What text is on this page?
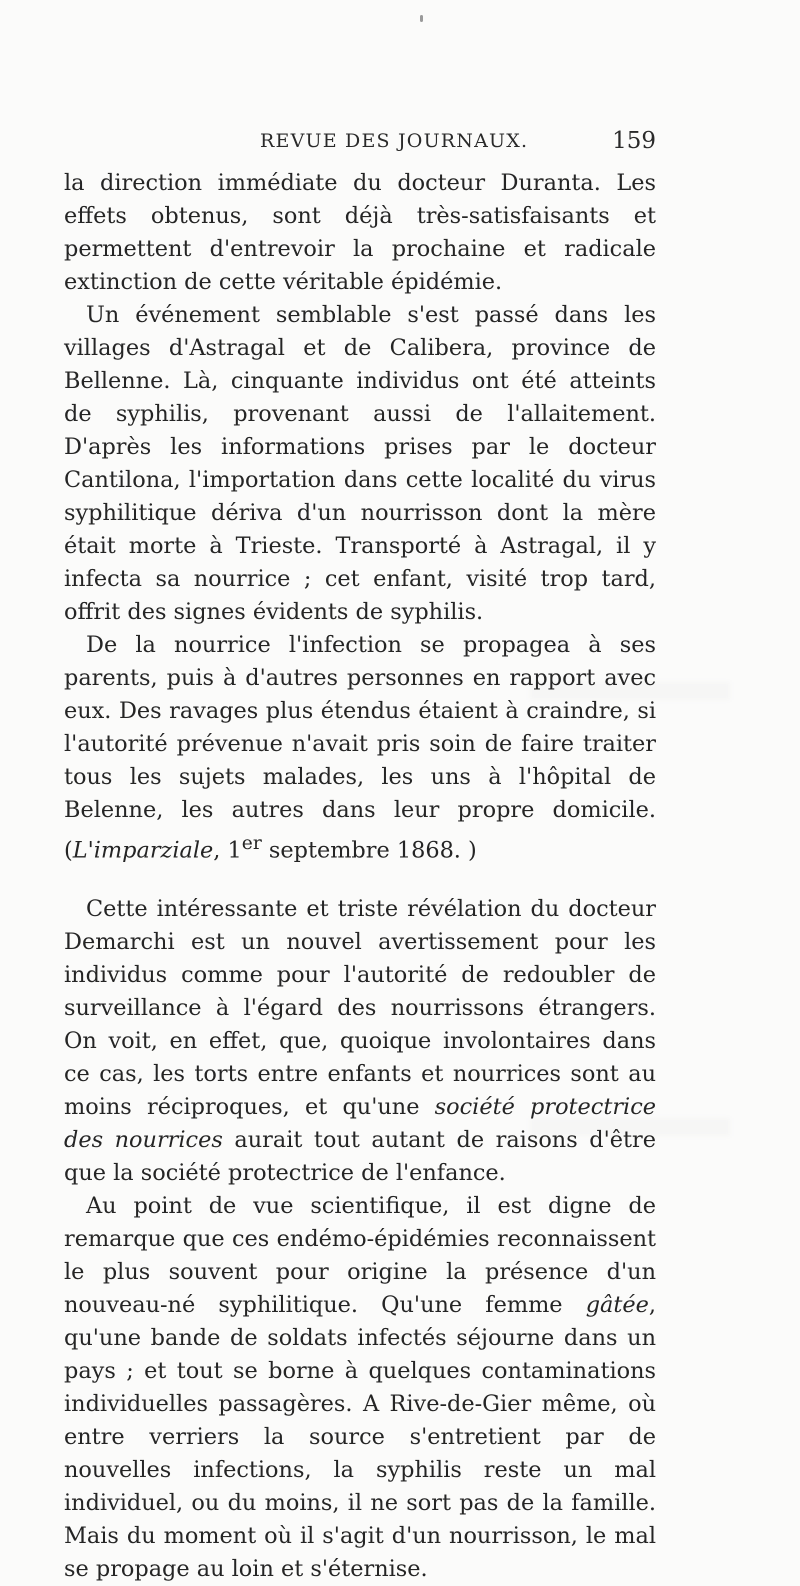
REVUE DES JOURNAUX.	159

la direction immédiate du docteur Duranta. Les effets obtenus, sont déjà très-satisfaisants et permettent d'entrevoir la prochaine et radicale extinction de cette véritable épidémie.

Un événement semblable s'est passé dans les villages d'Astragal et de Calibera, province de Bellenne. Là, cinquante individus ont été atteints de syphilis, provenant aussi de l'allaitement. D'après les informations prises par le docteur Cantilona, l'importation dans cette localité du virus syphilitique dériva d'un nourrisson dont la mère était morte à Trieste. Transporté à Astragal, il y infecta sa nourrice ; cet enfant, visité trop tard, offrit des signes évidents de syphilis.

De la nourrice l'infection se propagea à ses parents, puis à d'autres personnes en rapport avec eux. Des ravages plus étendus étaient à craindre, si l'autorité prévenue n'avait pris soin de faire traiter tous les sujets malades, les uns à l'hôpital de Belenne, les autres dans leur propre domicile. (L'imparziale, 1er septembre 1868. )

Cette intéressante et triste révélation du docteur Demarchi est un nouvel avertissement pour les individus comme pour l'autorité de redoubler de surveillance à l'égard des nourrissons étrangers. On voit, en effet, que, quoique involontaires dans ce cas, les torts entre enfants et nourrices sont au moins réciproques, et qu'une société protectrice des nourrices aurait tout autant de raisons d'être que la société protectrice de l'enfance.

Au point de vue scientifique, il est digne de remarque que ces endémo-épidémies reconnaissent le plus souvent pour origine la présence d'un nouveau-né syphilitique. Qu'une femme gâtée, qu'une bande de soldats infectés séjourne dans un pays ; et tout se borne à quelques contaminations individuelles passagères. A Rive-de-Gier même, où entre verriers la source s'entretient par de nouvelles infections, la syphilis reste un mal individuel, ou du moins, il ne sort pas de la famille. Mais du moment où il s'agit d'un nourrisson, le mal se propage au loin et s'éternise.
